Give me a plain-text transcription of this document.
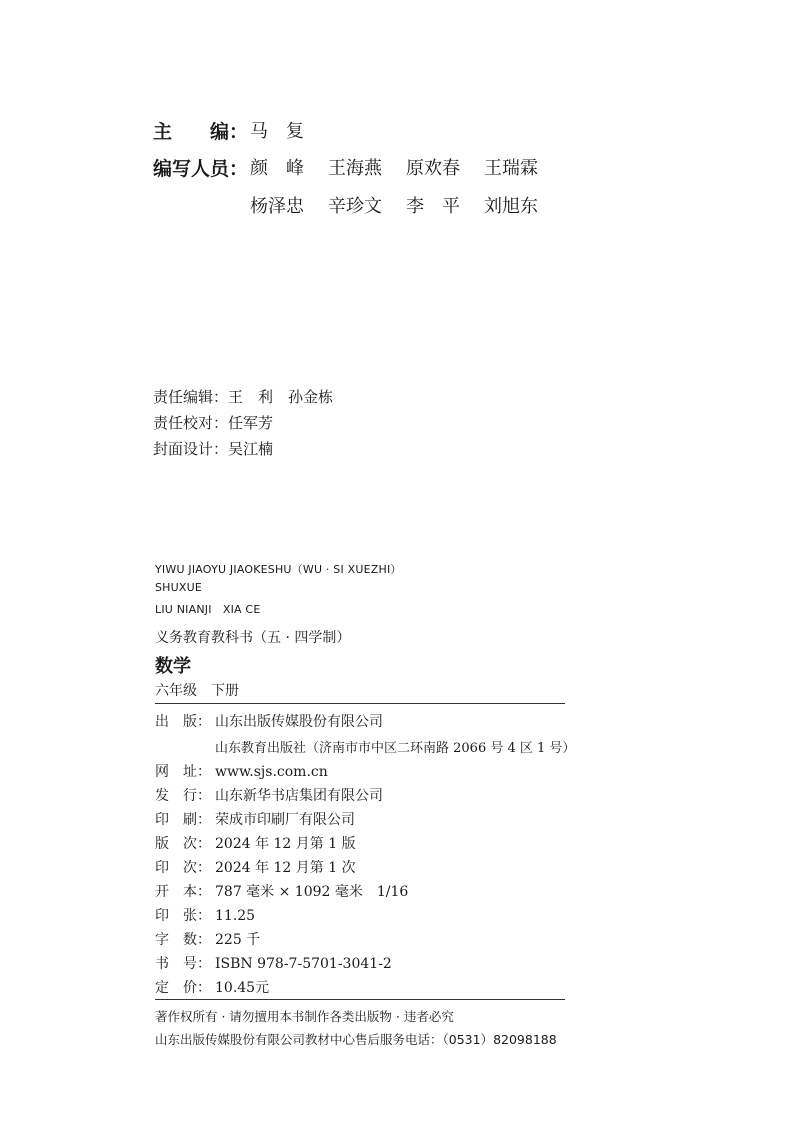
主　　编： 马　复
编写人员： 颜　峰 王海燕 原欢春 王瑞霖
杨泽忠 辛珍文 李　平 刘旭东
责任编辑：王　利　孙金栋
责任校对：任军芳
封面设计：吴江楠
YIWU JIAOYU JIAOKESHU（WU · SI XUEZHI）
SHUXUE
LIU NIANJI　XIA CE
义务教育教科书（五 · 四学制）
数学
六年级　下册
出　版： 山东出版传媒股份有限公司
山东教育出版社（济南市市中区二环南路 2066 号 4 区 1 号）
网　址： www.sjs.com.cn
发　行： 山东新华书店集团有限公司
印　刷： 荣成市印刷厂有限公司
版　次： 2024 年 12 月第 1 版
印　次： 2024 年 12 月第 1 次
开　本： 787 毫米 × 1092 毫米　1/16
印　张： 11.25
字　数： 225 千
书　号： ISBN 978-7-5701-3041-2
定　价： 10.45元
著作权所有 · 请勿擅用本书制作各类出版物 · 违者必究
山东出版传媒股份有限公司教材中心售后服务电话：（0531）82098188
